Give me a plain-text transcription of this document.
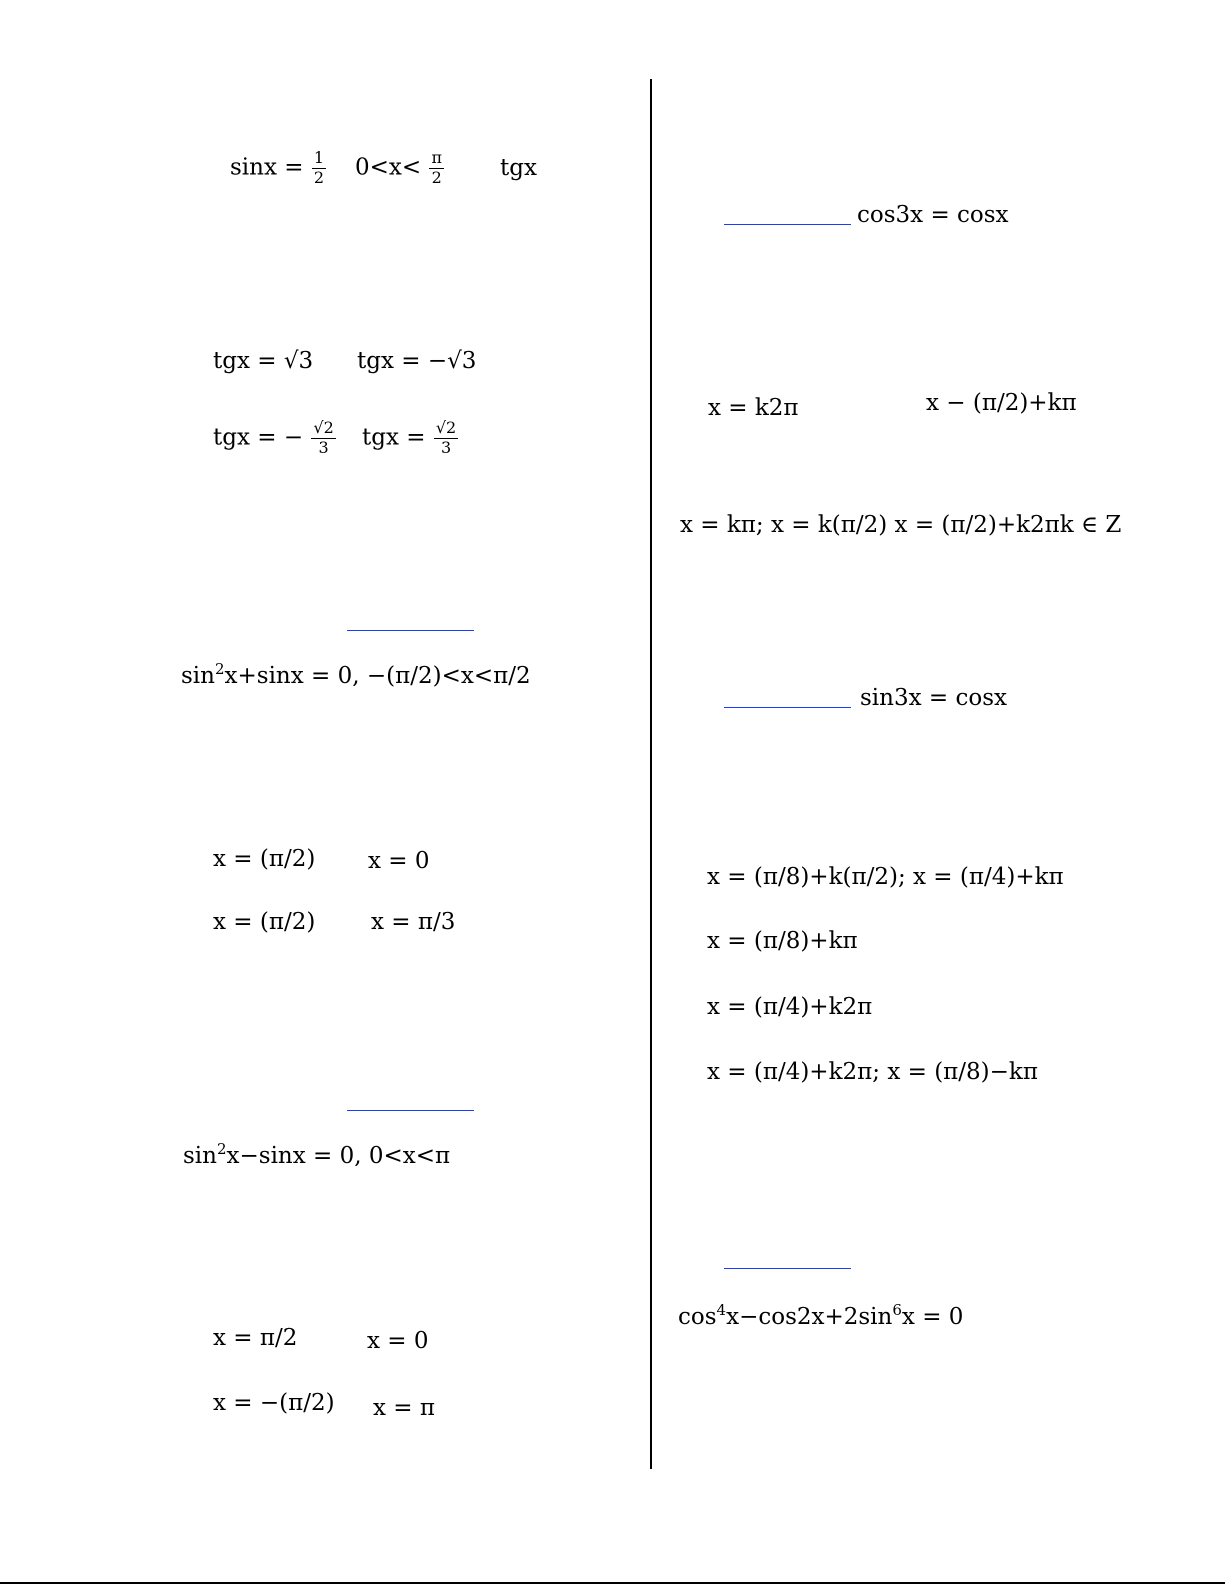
$\sin x = \frac{1}{2} 0<x< \frac{\pi}{2}$ tgx
tgx = √3 tgx = −√3
tgx = − $\frac{√2}{3}$ tgx = $\frac{√2}{3}$
$\sin^2x+\sin x = 0$, −(π/2)<x<π/2
x = (π/2) x = 0
x = (π/2) x = π/3
$\sin^2x-\sin x = 0$, 0<x<π
x = π/2	x = 0
x = −(π/2) x = π
cos3x = cosx
x = k2π	x − (π/2)+kπ
x = kπ; x = k(π/2) x = (π/2)+k2πk ∈ Z
sin3x = cosx
x = (π/8)+k(π/2); x = (π/4)+kπ
x = (π/8)+kπ
x = (π/4)+k2π
x = (π/4)+k2π; x = (π/8)−kπ
$\cos^4x-\cos 2x+2\sin^6x = 0$
